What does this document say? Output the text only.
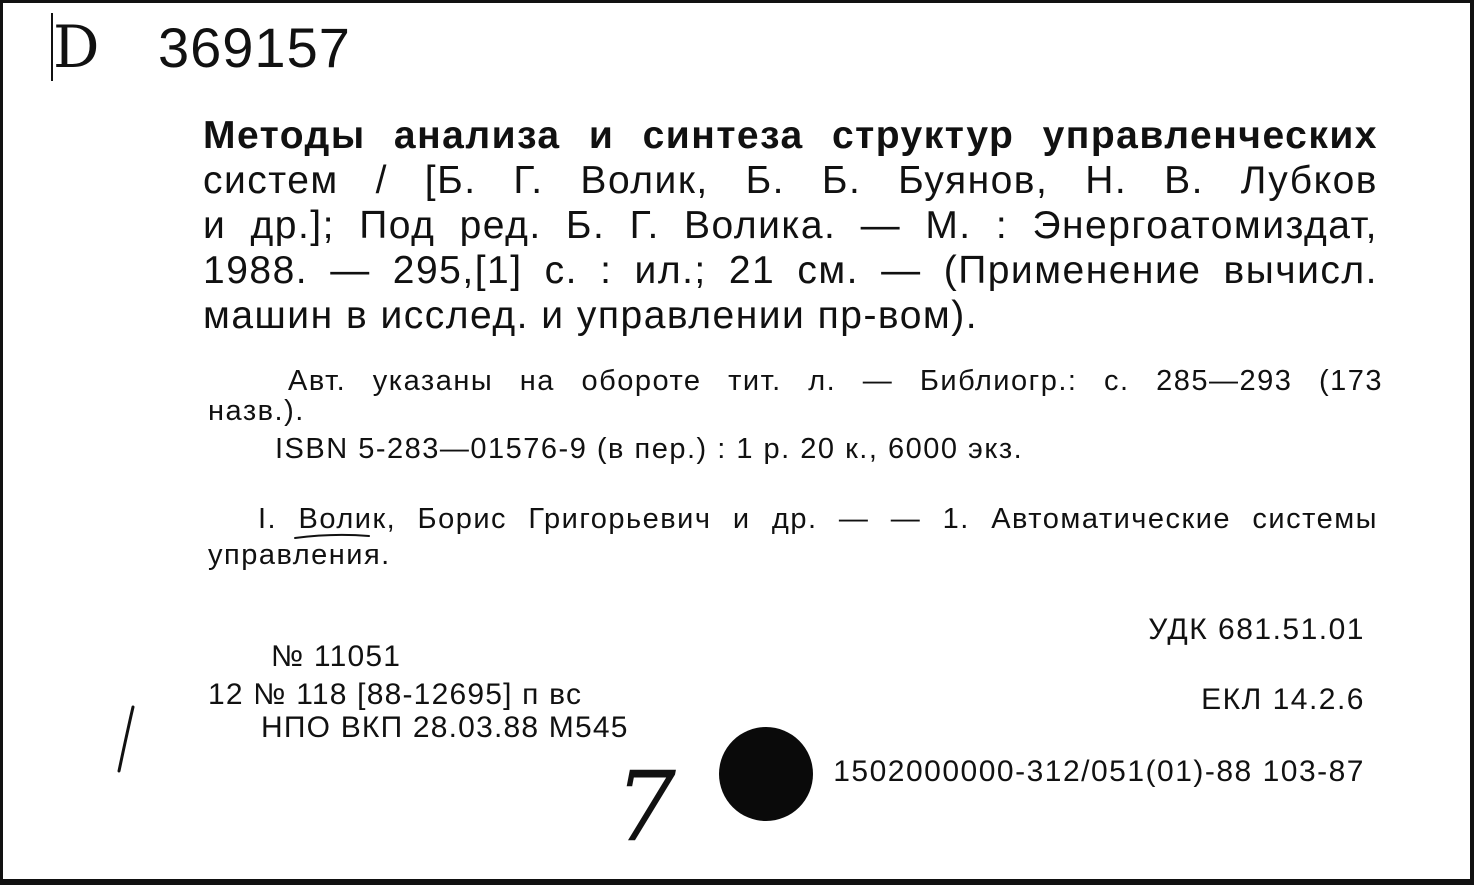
D 369157
Методы анализа и синтеза структур управленческих
систем / [Б. Г. Волик, Б. Б. Буянов, Н. В. Лубков
и др.]; Под ред. Б. Г. Волика. — М. : Энергоатомиздат,
1988. — 295,[1] с. : ил.; 21 см. — (Применение вычисл.
машин в исслед. и управлении пр-вом).
Авт. указаны на обороте тит. л. — Библиогр.: с. 285—293 (173
назв.).
ISBN 5-283—01576-9 (в пер.) : 1 р. 20 к., 6000 экз.
I. Волик, Борис Григорьевич и др. — — 1. Автоматические системы
управления.
УДК 681.51.01
ЕКЛ 14.2.6
1502000000-312/051(01)-88 103-87
№ 11051
12 № 118 [88-12695] п вс
НПО ВКП 28.03.88 М545
7
